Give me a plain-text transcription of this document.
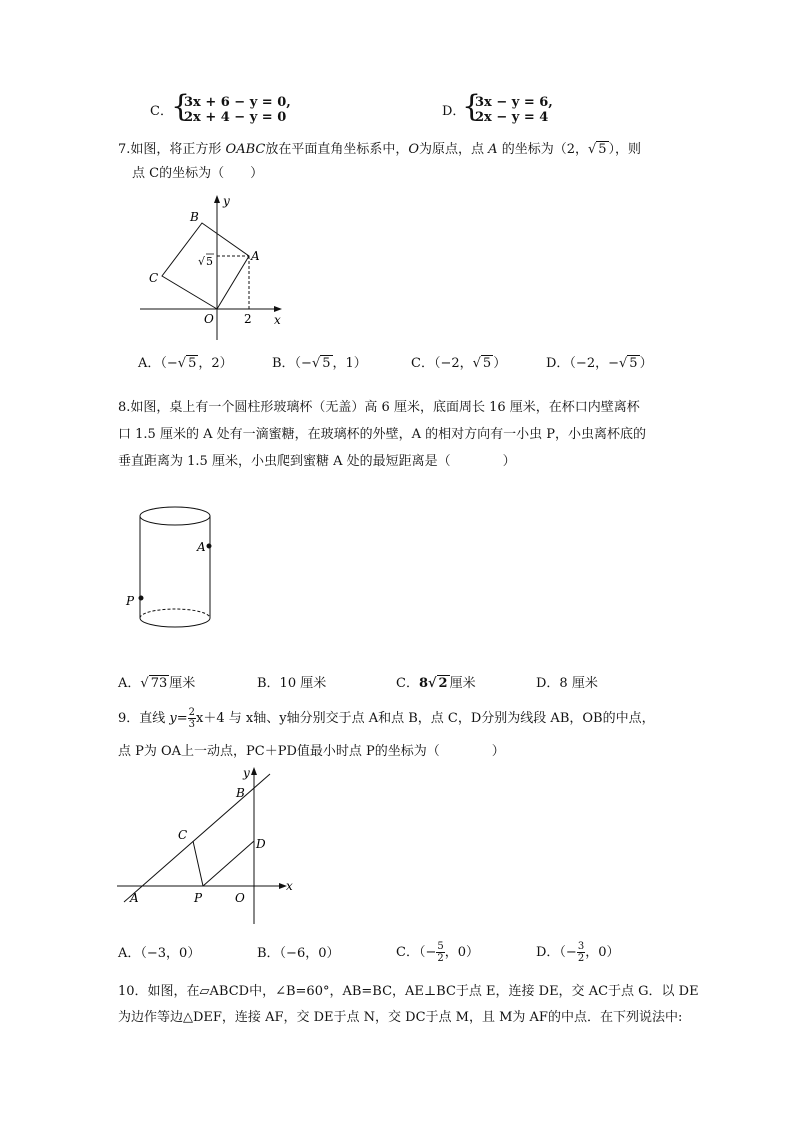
C．
{
3x + 6 − y = 0,
2x + 4 − y = 0	D．
{
3x − y = 6,
2x − y = 4
7.如图，将正方形 OABC放在平面直角坐标系中，O为原点，点 A 的坐标为（2，√ 5 ），则
点 C的坐标为（　　）
B
A
C
O	x
y
2
√ 5
A．（−√ 5 ，2）	B．（−√ 5 ，1）	C．（−2，√ 5 ）	D．（−2，−√ 5 ）
8.如图，桌上有一个圆柱形玻璃杯（无盖）高 6 厘米，底面周长 16 厘米，在杯口内壁离杯
口 1.5 厘米的 A 处有一滴蜜糖，在玻璃杯的外壁，A 的相对方向有一小虫 P，小虫离杯底的
垂直距离为 1.5 厘米，小虫爬到蜜糖 A 处的最短距离是（　　　　）
A
P
A．√ 73 厘米	B．10 厘米	C．8√ 2 厘米	D．8 厘米
9．直线 $y= \frac{2}{3} x+4$ 与 x轴、y轴分别交于点 A和点 B，点 C，D分别为线段 AB，OB的中点，
点 P为 OA上一动点，PC＋PD值最小时点 P的坐标为（　　　　）
y
x
B
C
D
A	P	O
A．（−3，0）	B．（−6，0）	C．（− $\frac{5}{2}$ ，0）	D．（− $\frac{3}{2}$ ，0）
10．如图，在▱ABCD中，∠B=60°，AB=BC，AE⊥BC于点 E，连接 DE，交 AC于点 G．以 DE
为边作等边△DEF，连接 AF，交 DE于点 N，交 DC于点 M，且 M为 AF的中点．在下列说法中:
